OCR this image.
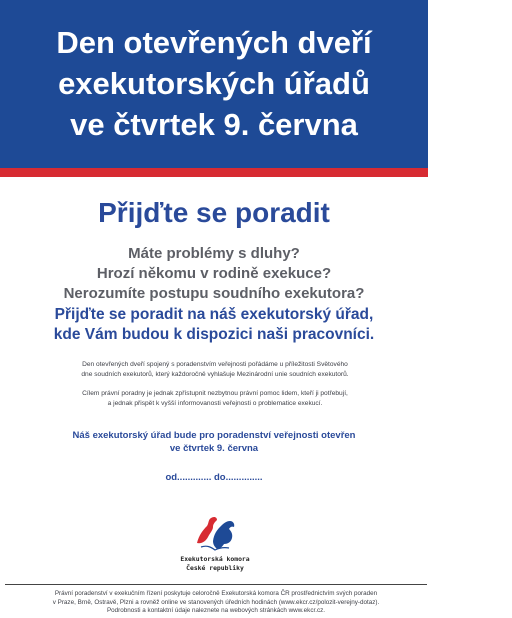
Den otevřených dveří
exekutorských úřadů
ve čtvrtek 9. června
Přijďte se poradit
Máte problémy s dluhy?
Hrozí někomu v rodině exekuce?
Nerozumíte postupu soudního exekutora?
Přijďte se poradit na náš exekutorský úřad,
kde Vám budou k dispozici naši pracovníci.
Den otevřených dveří spojený s poradenstvím veřejnosti pořádáme u příležitosti Světového
dne soudních exekutorů, který každoročně vyhlašuje Mezinárodní unie soudních exekutorů.
Cílem právní poradny je jednak zpřístupnit nezbytnou právní pomoc lidem, kteří ji potřebují,
a jednak přispět k vyšší informovanosti veřejnosti o problematice exekucí.
Náš exekutorský úřad bude pro poradenství veřejnosti otevřen
ve čtvrtek 9. června
od............. do..............
Exekutorská komora
České republiky
Právní poradenství v exekučním řízení poskytuje celoročně Exekutorská komora ČR prostřednictvím svých poraden
v Praze, Brně, Ostravě, Plzni a rovněž online ve stanovených úředních hodinách (www.ekcr.cz/polozit-verejny-dotaz).
Podrobnosti a kontaktní údaje naleznete na webových stránkách www.ekcr.cz.
